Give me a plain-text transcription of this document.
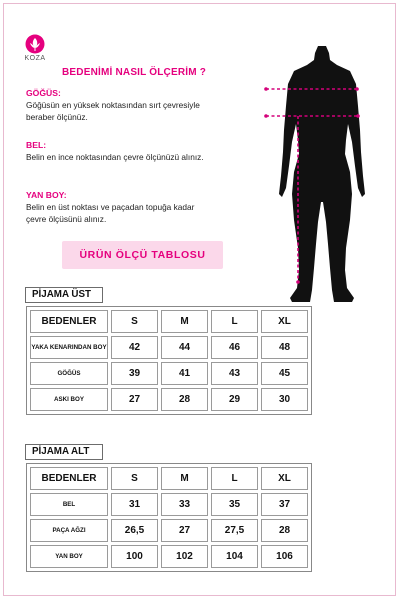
KOZA
BEDENİMİ NASIL ÖLÇERİM ?
GÖĞÜS:
Göğüsün en yüksek noktasından sırt çevresiyle
beraber ölçünüz.
BEL:
Belin en ince noktasından çevre ölçünüzü alınız.
YAN BOY:
Belin en üst noktası ve paçadan topuğa kadar
çevre ölçüsünü alınız.
ÜRÜN ÖLÇÜ TABLOSU
PİJAMA ÜST
BEDENLER	S	M	L	XL
YAKA KENARINDAN BOY	42	44	46	48
GÖĞÜS	39	41	43	45
ASKI BOY	27	28	29	30
PİJAMA ALT
BEDENLER	S	M	L	XL
BEL	31	33	35	37
PAÇA AĞZI	26,5	27	27,5	28
YAN BOY	100	102	104	106
